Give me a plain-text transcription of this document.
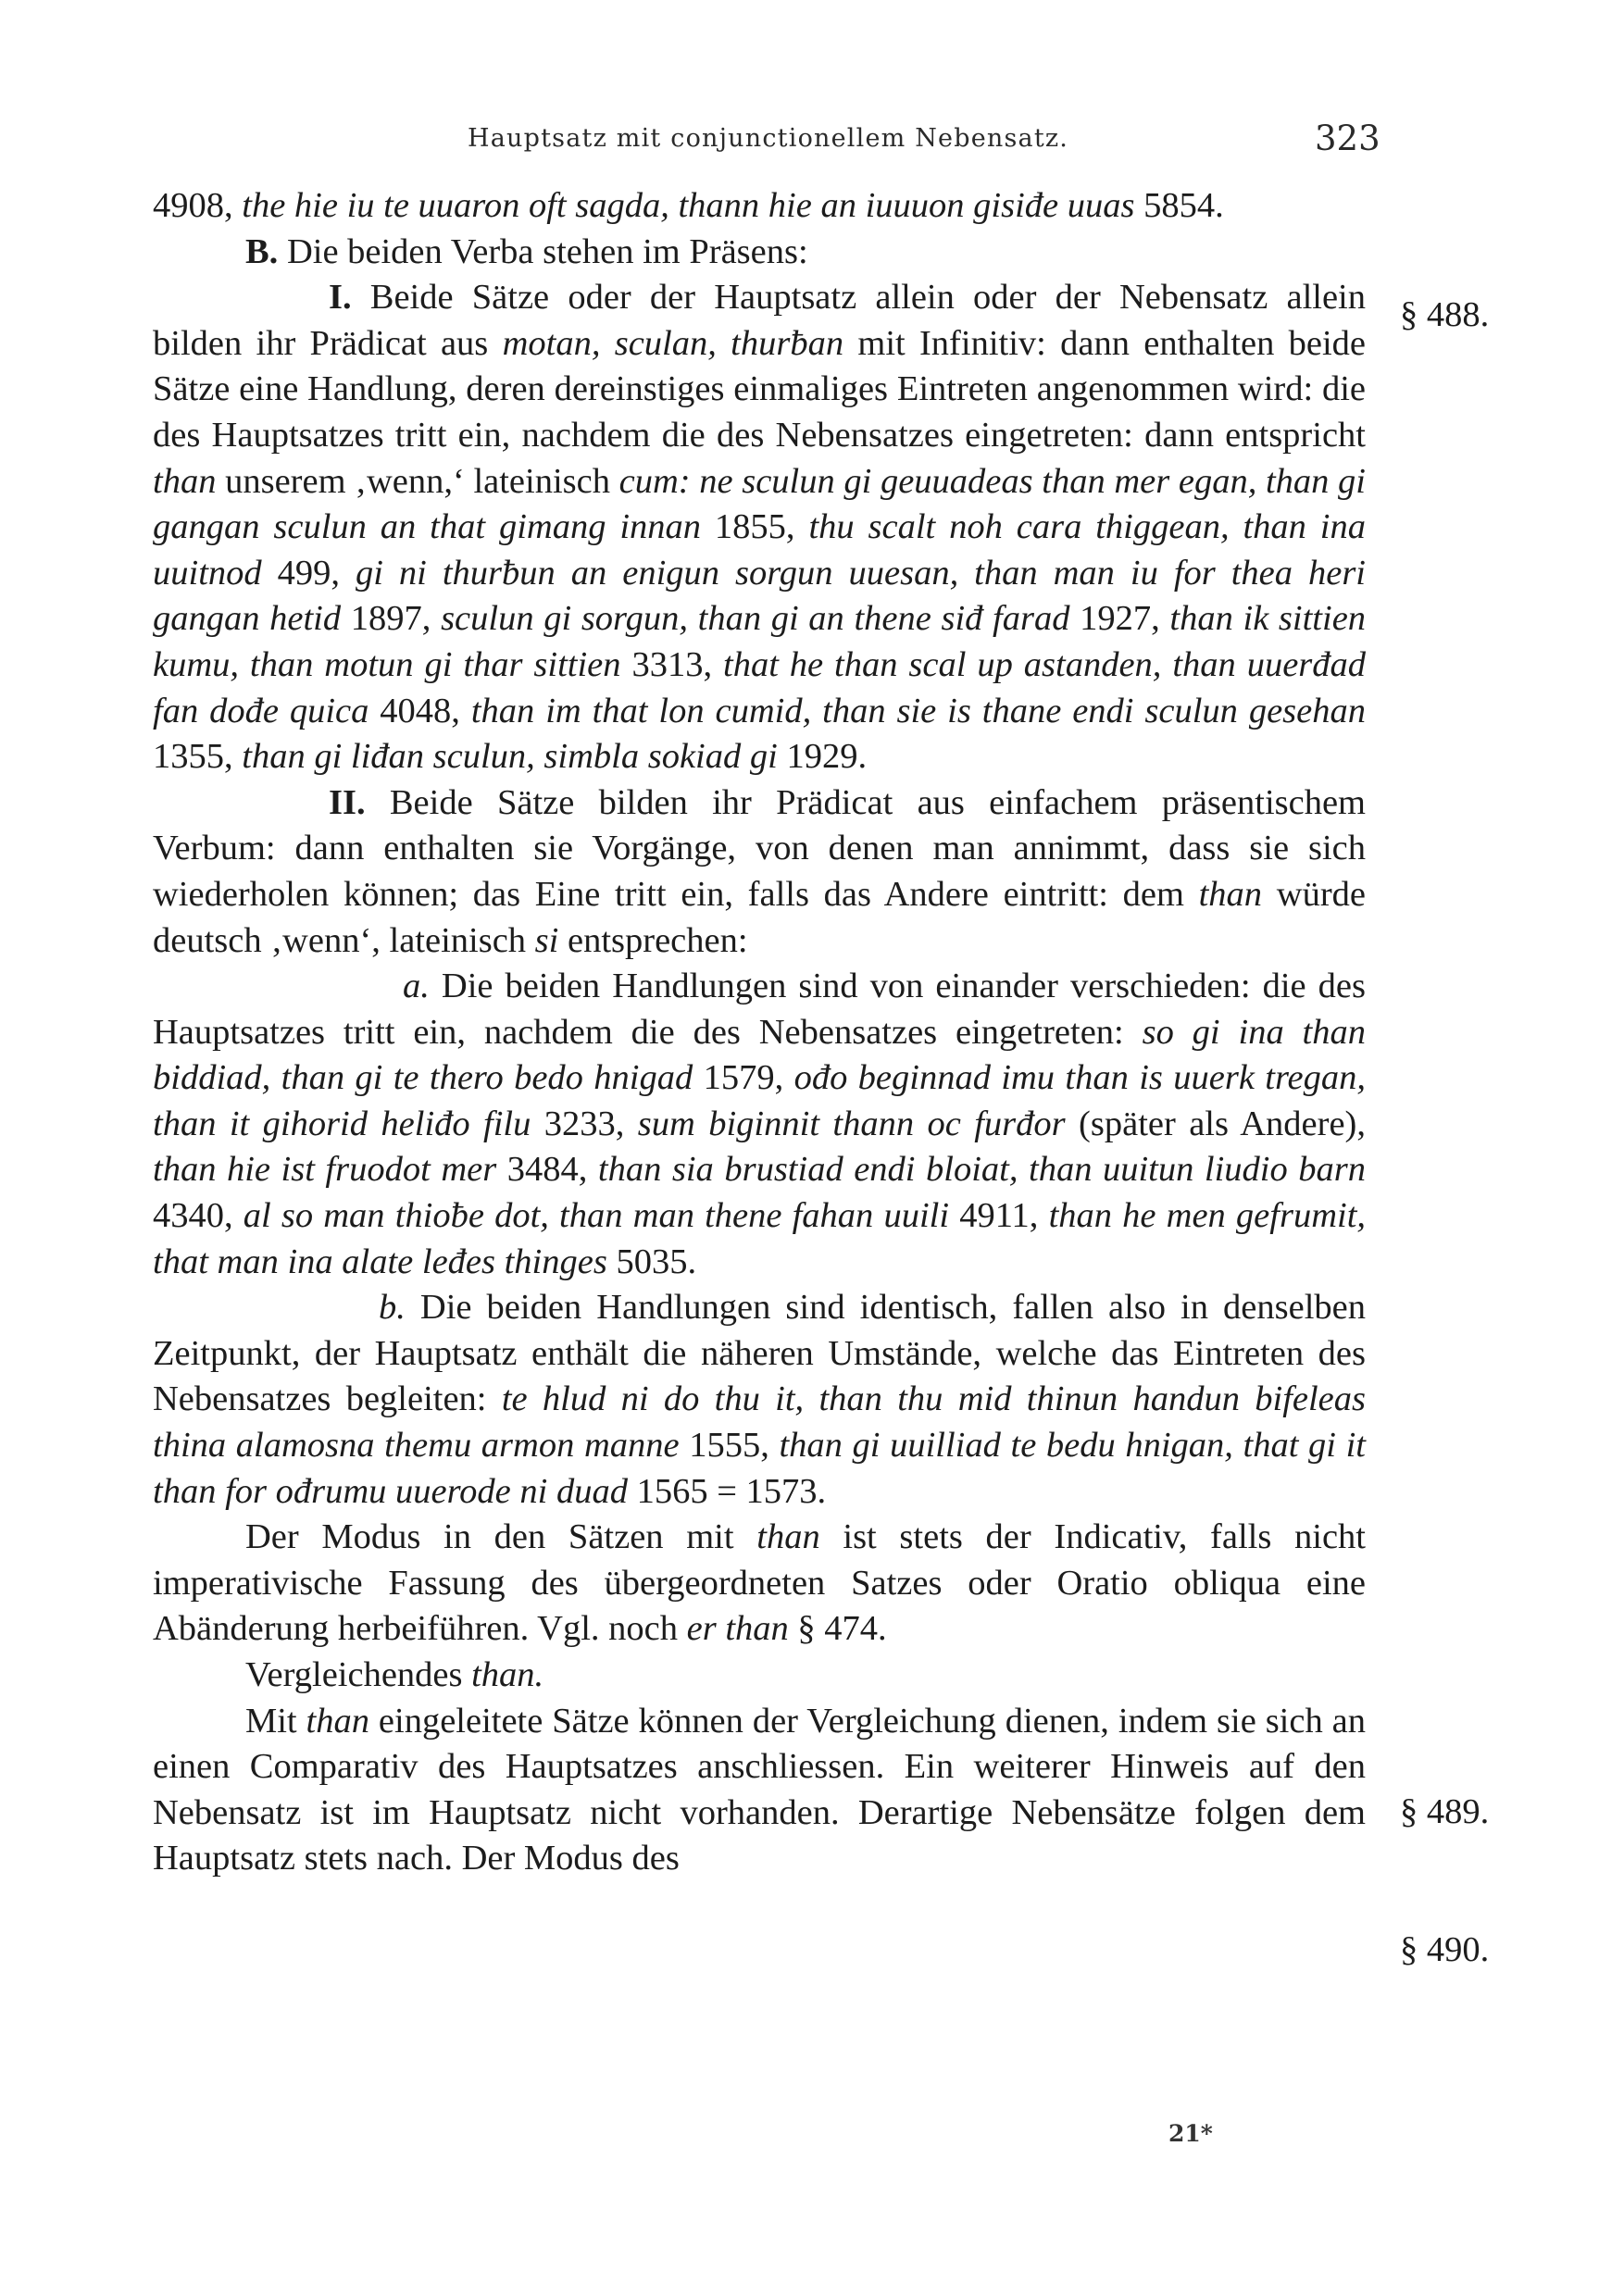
Hauptsatz mit conjunctionellem Nebensatz.	323
§ 488.
§ 489.
§ 490.

4908, the hie iu te uuaron oft sagda, thann hie an iuuuon gisiđe uuas 5854.

B. Die beiden Verba stehen im Präsens:

I. Beide Sätze oder der Hauptsatz allein oder der Nebensatz allein bilden ihr Prädicat aus motan, sculan, thurƀan mit Infinitiv: dann enthalten beide Sätze eine Handlung, deren dereinstiges einmaliges Eintreten angenommen wird: die des Hauptsatzes tritt ein, nachdem die des Nebensatzes eingetreten: dann entspricht than unserem ‚wenn,‘ lateinisch cum: ne sculun gi geuuadeas than mer egan, than gi gangan sculun an that gimang innan 1855, thu scalt noh cara thiggean, than ina uuitnod 499, gi ni thurƀun an enigun sorgun uuesan, than man iu for thea heri gangan hetid 1897, sculun gi sorgun, than gi an thene siđ farad 1927, than ik sittien kumu, than motun gi thar sittien 3313, that he than scal up astanden, than uuerđad fan dođe quica 4048, than im that lon cumid, than sie is thane endi sculun gesehan 1355, than gi liđan sculun, simbla sokiad gi 1929.

II. Beide Sätze bilden ihr Prädicat aus einfachem präsentischem Verbum: dann enthalten sie Vorgänge, von denen man annimmt, dass sie sich wiederholen können; das Eine tritt ein, falls das Andere eintritt: dem than würde deutsch ‚wenn‘, lateinisch si entsprechen:

a. Die beiden Handlungen sind von einander verschieden: die des Hauptsatzes tritt ein, nachdem die des Nebensatzes eingetreten: so gi ina than biddiad, than gi te thero bedo hnigad 1579, ođo beginnad imu than is uuerk tregan, than it gihorid heliđo filu 3233, sum biginnit thann oc furđor (später als Andere), than hie ist fruodot mer 3484, than sia brustiad endi bloiat, than uuitun liudio barn 4340, al so man thioƀe dot, than man thene fahan uuili 4911, than he men gefrumit, that man ina alate leđes thinges 5035.

b. Die beiden Handlungen sind identisch, fallen also in denselben Zeitpunkt, der Hauptsatz enthält die näheren Umstände, welche das Eintreten des Nebensatzes begleiten: te hlud ni do thu it, than thu mid thinun handun bifeleas thina alamosna themu armon manne 1555, than gi uuilliad te bedu hnigan, that gi it than for ođrumu uuerode ni duad 1565 = 1573.

Der Modus in den Sätzen mit than ist stets der Indicativ, falls nicht imperativische Fassung des übergeordneten Satzes oder Oratio obliqua eine Abänderung herbeiführen. Vgl. noch er than § 474.

Vergleichendes than.

Mit than eingeleitete Sätze können der Vergleichung dienen, indem sie sich an einen Comparativ des Hauptsatzes anschliessen. Ein weiterer Hinweis auf den Nebensatz ist im Hauptsatz nicht vorhanden. Derartige Nebensätze folgen dem Hauptsatz stets nach. Der Modus des

21*
